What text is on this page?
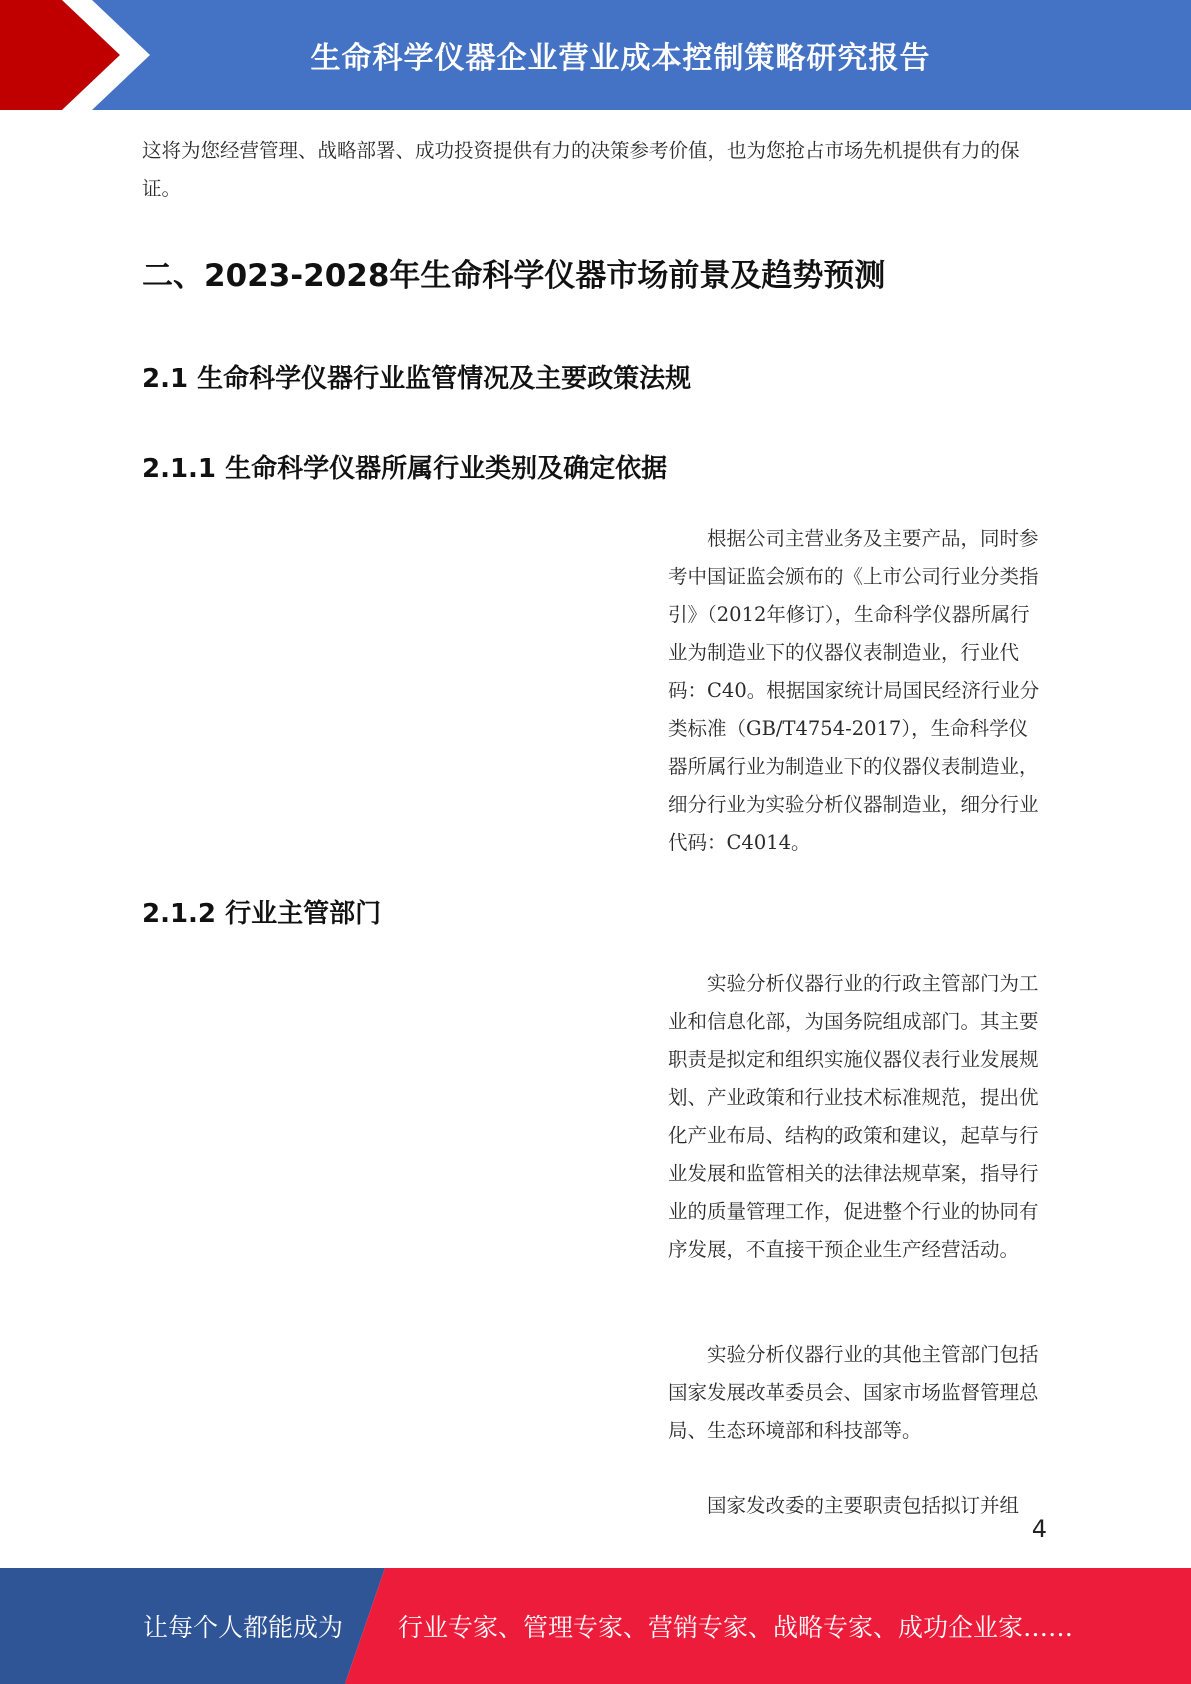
生命科学仪器企业营业成本控制策略研究报告

这将为您经营管理、战略部署、成功投资提供有力的决策参考价值，也为您抢占市场先机提供有力的保证。

二、2023-2028年生命科学仪器市场前景及趋势预测
2.1 生命科学仪器行业监管情况及主要政策法规
2.1.1 生命科学仪器所属行业类别及确定依据

根据公司主营业务及主要产品，同时参考中国证监会颁布的《上市公司行业分类指引》（2012年修订），生命科学仪器所属行业为制造业下的仪器仪表制造业，行业代码：C40。根据国家统计局国民经济行业分类标准（GB/T4754-2017），生命科学仪器所属行业为制造业下的仪器仪表制造业，细分行业为实验分析仪器制造业，细分行业代码：C4014。

2.1.2 行业主管部门

实验分析仪器行业的行政主管部门为工业和信息化部，为国务院组成部门。其主要职责是拟定和组织实施仪器仪表行业发展规划、产业政策和行业技术标准规范，提出优化产业布局、结构的政策和建议，起草与行业发展和监管相关的法律法规草案，指导行业的质量管理工作，促进整个行业的协同有序发展，不直接干预企业生产经营活动。

实验分析仪器行业的其他主管部门包括国家发展改革委员会、国家市场监督管理总局、生态环境部和科技部等。

国家发改委的主要职责包括拟订并组

4
让每个人都能成为 行业专家、管理专家、营销专家、战略专家、成功企业家……
